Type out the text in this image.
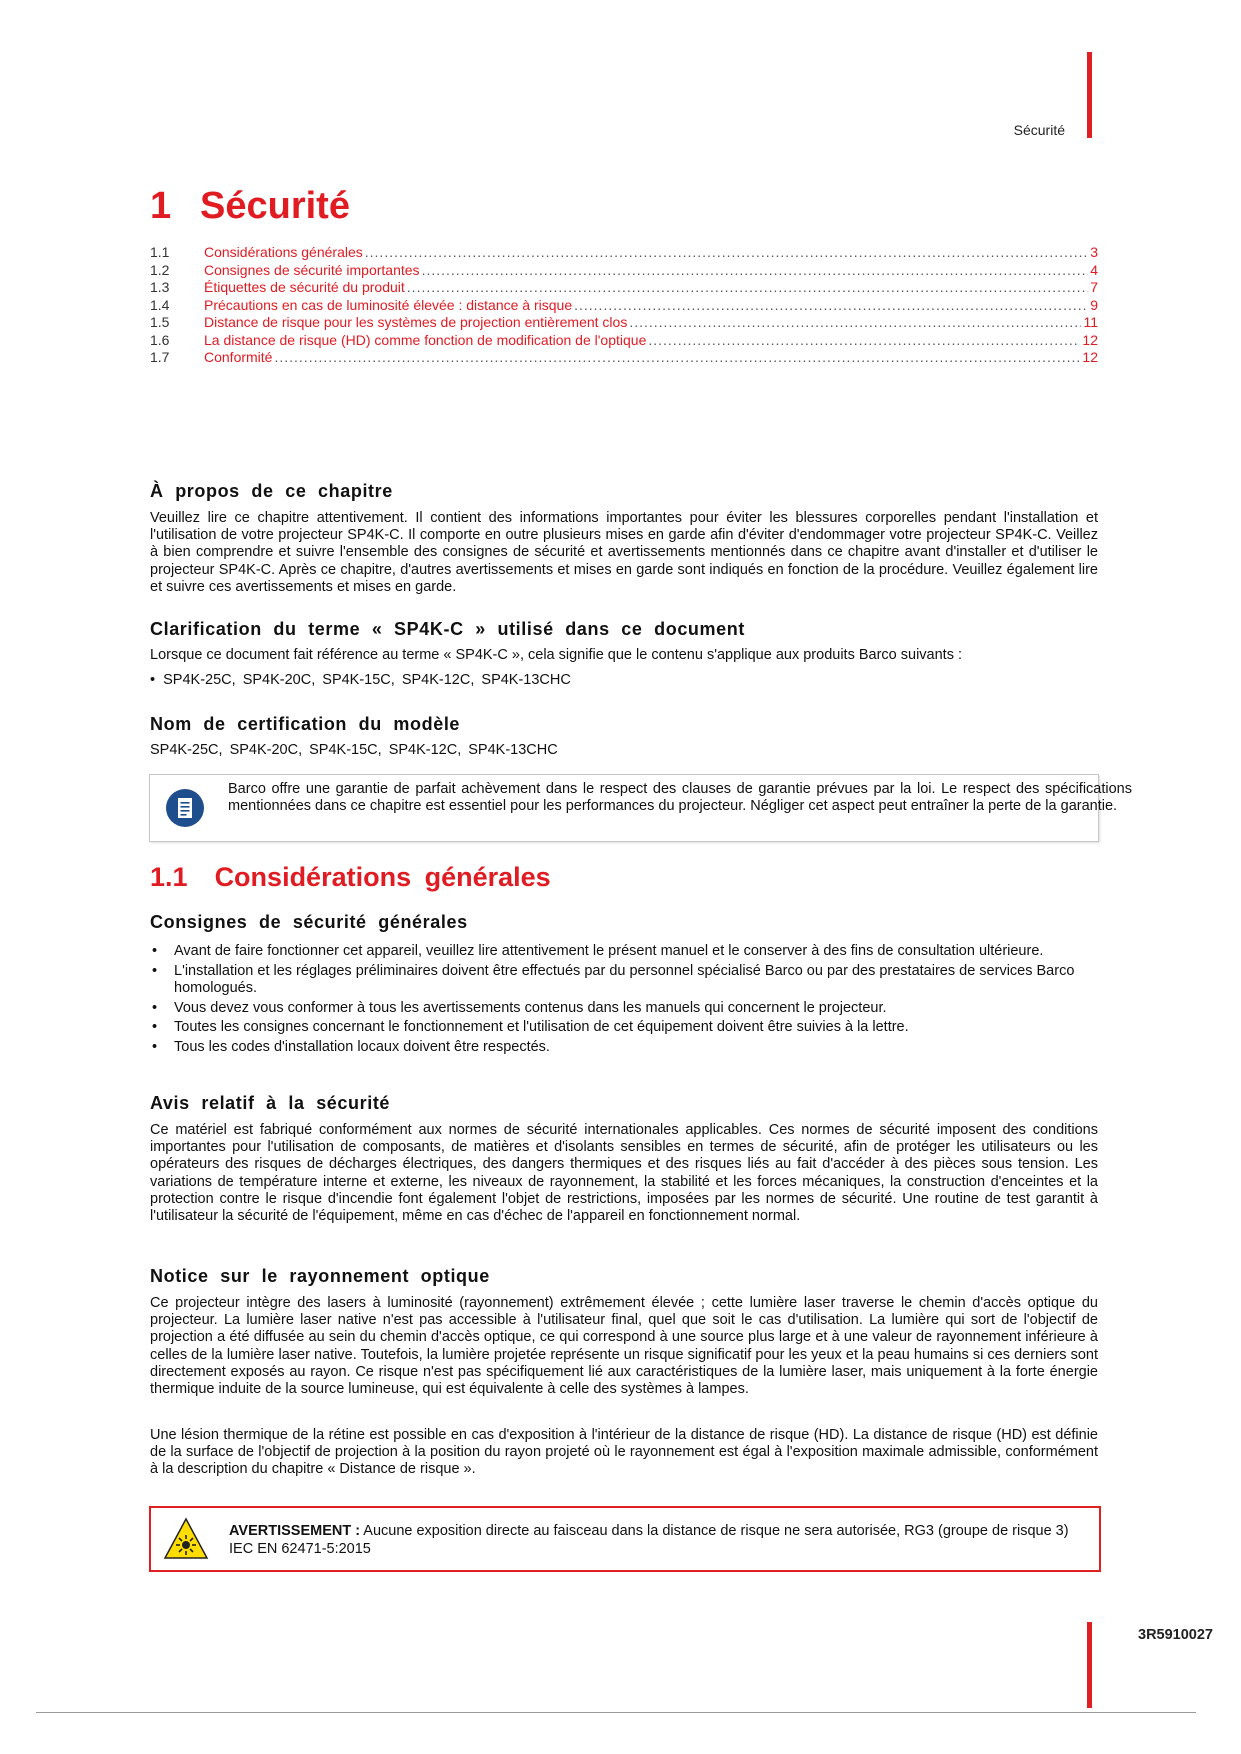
Sécurité
1 Sécurité
1.1	Considérations générales .....	3
1.2	Consignes de sécurité importantes .....	4
1.3	Étiquettes de sécurité du produit .....	7
1.4	Précautions en cas de luminosité élevée : distance à risque .....	9
1.5	Distance de risque pour les systèmes de projection entièrement clos .....	11
1.6	La distance de risque (HD) comme fonction de modification de l'optique .....	12
1.7	Conformité .....	12
À propos de ce chapitre

Veuillez lire ce chapitre attentivement. Il contient des informations importantes pour éviter les blessures corporelles pendant l'installation et l'utilisation de votre projecteur SP4K-C. Il comporte en outre plusieurs mises en garde afin d'éviter d'endommager votre projecteur SP4K-C. Veillez à bien comprendre et suivre l'ensemble des consignes de sécurité et avertissements mentionnés dans ce chapitre avant d'installer et d'utiliser le projecteur SP4K-C. Après ce chapitre, d'autres avertissements et mises en garde sont indiqués en fonction de la procédure. Veuillez également lire et suivre ces avertissements et mises en garde.

Clarification du terme « SP4K-C » utilisé dans ce document
Lorsque ce document fait référence au terme « SP4K-C », cela signifie que le contenu s'applique aux produits Barco suivants :
•  SP4K-25C, SP4K-20C, SP4K-15C, SP4K-12C, SP4K-13CHC
Nom de certification du modèle
SP4K-25C, SP4K-20C, SP4K-15C, SP4K-12C, SP4K-13CHC
Barco offre une garantie de parfait achèvement dans le respect des clauses de garantie prévues par la loi. Le respect des spécifications mentionnées dans ce chapitre est essentiel pour les performances du projecteur. Négliger cet aspect peut entraîner la perte de la garantie.
1.1 Considérations générales
Consignes de sécurité générales
• Avant de faire fonctionner cet appareil, veuillez lire attentivement le présent manuel et le conserver à des fins de consultation ultérieure.
• L'installation et les réglages préliminaires doivent être effectués par du personnel spécialisé Barco ou par des prestataires de services Barco homologués.
• Vous devez vous conformer à tous les avertissements contenus dans les manuels qui concernent le projecteur.
• Toutes les consignes concernant le fonctionnement et l'utilisation de cet équipement doivent être suivies à la lettre.
• Tous les codes d'installation locaux doivent être respectés.
Avis relatif à la sécurité

Ce matériel est fabriqué conformément aux normes de sécurité internationales applicables. Ces normes de sécurité imposent des conditions importantes pour l'utilisation de composants, de matières et d'isolants sensibles en termes de sécurité, afin de protéger les utilisateurs ou les opérateurs des risques de décharges électriques, des dangers thermiques et des risques liés au fait d'accéder à des pièces sous tension. Les variations de température interne et externe, les niveaux de rayonnement, la stabilité et les forces mécaniques, la construction d'enceintes et la protection contre le risque d'incendie font également l'objet de restrictions, imposées par les normes de sécurité. Une routine de test garantit à l'utilisateur la sécurité de l'équipement, même en cas d'échec de l'appareil en fonctionnement normal.

Notice sur le rayonnement optique

Ce projecteur intègre des lasers à luminosité (rayonnement) extrêmement élevée ; cette lumière laser traverse le chemin d'accès optique du projecteur. La lumière laser native n'est pas accessible à l'utilisateur final, quel que soit le cas d'utilisation. La lumière qui sort de l'objectif de projection a été diffusée au sein du chemin d'accès optique, ce qui correspond à une source plus large et à une valeur de rayonnement inférieure à celles de la lumière laser native. Toutefois, la lumière projetée représente un risque significatif pour les yeux et la peau humains si ces derniers sont directement exposés au rayon. Ce risque n'est pas spécifiquement lié aux caractéristiques de la lumière laser, mais uniquement à la forte énergie thermique induite de la source lumineuse, qui est équivalente à celle des systèmes à lampes.

Une lésion thermique de la rétine est possible en cas d'exposition à l'intérieur de la distance de risque (HD). La distance de risque (HD) est définie de la surface de l'objectif de projection à la position du rayon projeté où le rayonnement est égal à l'exposition maximale admissible, conformément à la description du chapitre « Distance de risque ».

AVERTISSEMENT : Aucune exposition directe au faisceau dans la distance de risque ne sera autorisée, RG3 (groupe de risque 3) IEC EN 62471-5:2015
3R5910027
